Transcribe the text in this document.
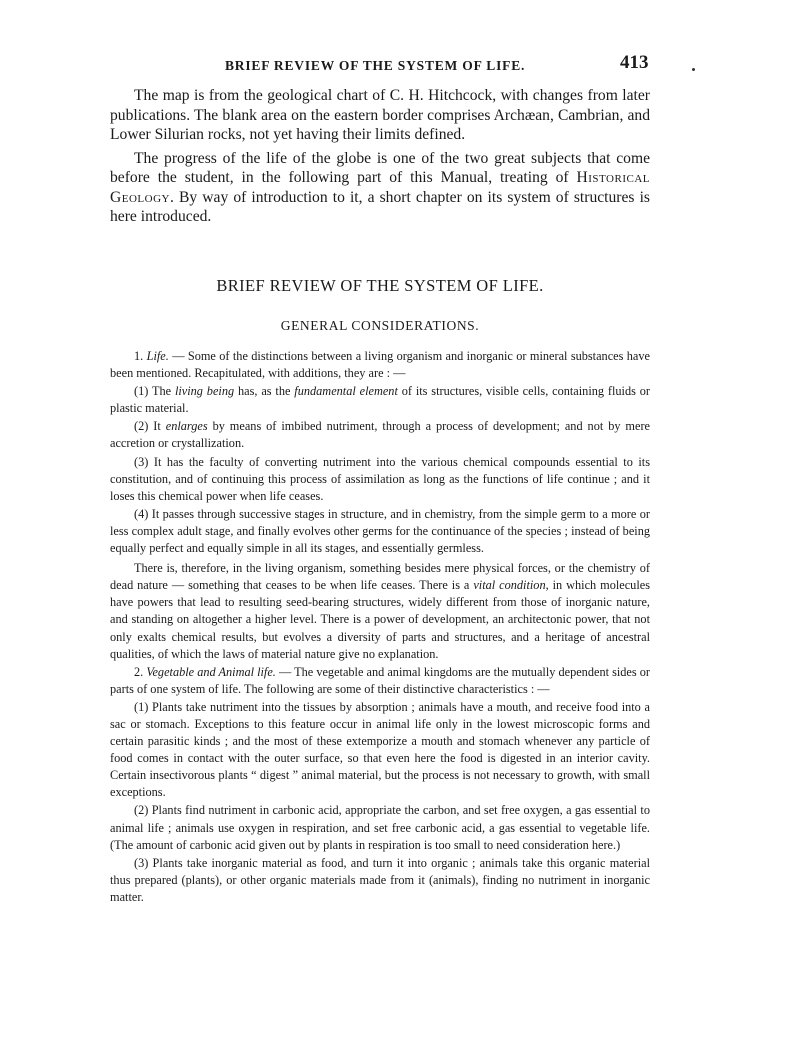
BRIEF REVIEW OF THE SYSTEM OF LIFE.	413

The map is from the geological chart of C. H. Hitchcock, with changes from later publications. The blank area on the eastern border comprises Archæan, Cambrian, and Lower Silurian rocks, not yet having their limits defined.

The progress of the life of the globe is one of the two great subjects that come before the student, in the following part of this Manual, treating of Historical Geology. By way of introduction to it, a short chapter on its system of structures is here introduced.

BRIEF REVIEW OF THE SYSTEM OF LIFE.
GENERAL CONSIDERATIONS.

1. Life. — Some of the distinctions between a living organism and inorganic or mineral substances have been mentioned. Recapitulated, with additions, they are : —

(1) The living being has, as the fundamental element of its structures, visible cells, containing fluids or plastic material.

(2) It enlarges by means of imbibed nutriment, through a process of development; and not by mere accretion or crystallization.

(3) It has the faculty of converting nutriment into the various chemical compounds essential to its constitution, and of continuing this process of assimilation as long as the functions of life continue ; and it loses this chemical power when life ceases.

(4) It passes through successive stages in structure, and in chemistry, from the simple germ to a more or less complex adult stage, and finally evolves other germs for the continuance of the species ; instead of being equally perfect and equally simple in all its stages, and essentially germless.

There is, therefore, in the living organism, something besides mere physical forces, or the chemistry of dead nature — something that ceases to be when life ceases. There is a vital condition, in which molecules have powers that lead to resulting seed-bearing structures, widely different from those of inorganic nature, and standing on altogether a higher level. There is a power of development, an architectonic power, that not only exalts chemical results, but evolves a diversity of parts and structures, and a heritage of ancestral qualities, of which the laws of material nature give no explanation.

2. Vegetable and Animal life. — The vegetable and animal kingdoms are the mutually dependent sides or parts of one system of life. The following are some of their distinctive characteristics : —

(1) Plants take nutriment into the tissues by absorption ; animals have a mouth, and receive food into a sac or stomach. Exceptions to this feature occur in animal life only in the lowest microscopic forms and certain parasitic kinds ; and the most of these extemporize a mouth and stomach whenever any particle of food comes in contact with the outer surface, so that even here the food is digested in an interior cavity. Certain insectivorous plants “ digest ” animal material, but the process is not necessary to growth, with small exceptions.

(2) Plants find nutriment in carbonic acid, appropriate the carbon, and set free oxygen, a gas essential to animal life ; animals use oxygen in respiration, and set free carbonic acid, a gas essential to vegetable life. (The amount of carbonic acid given out by plants in respiration is too small to need consideration here.)

(3) Plants take inorganic material as food, and turn it into organic ; animals take this organic material thus prepared (plants), or other organic materials made from it (animals), finding no nutriment in inorganic matter.
